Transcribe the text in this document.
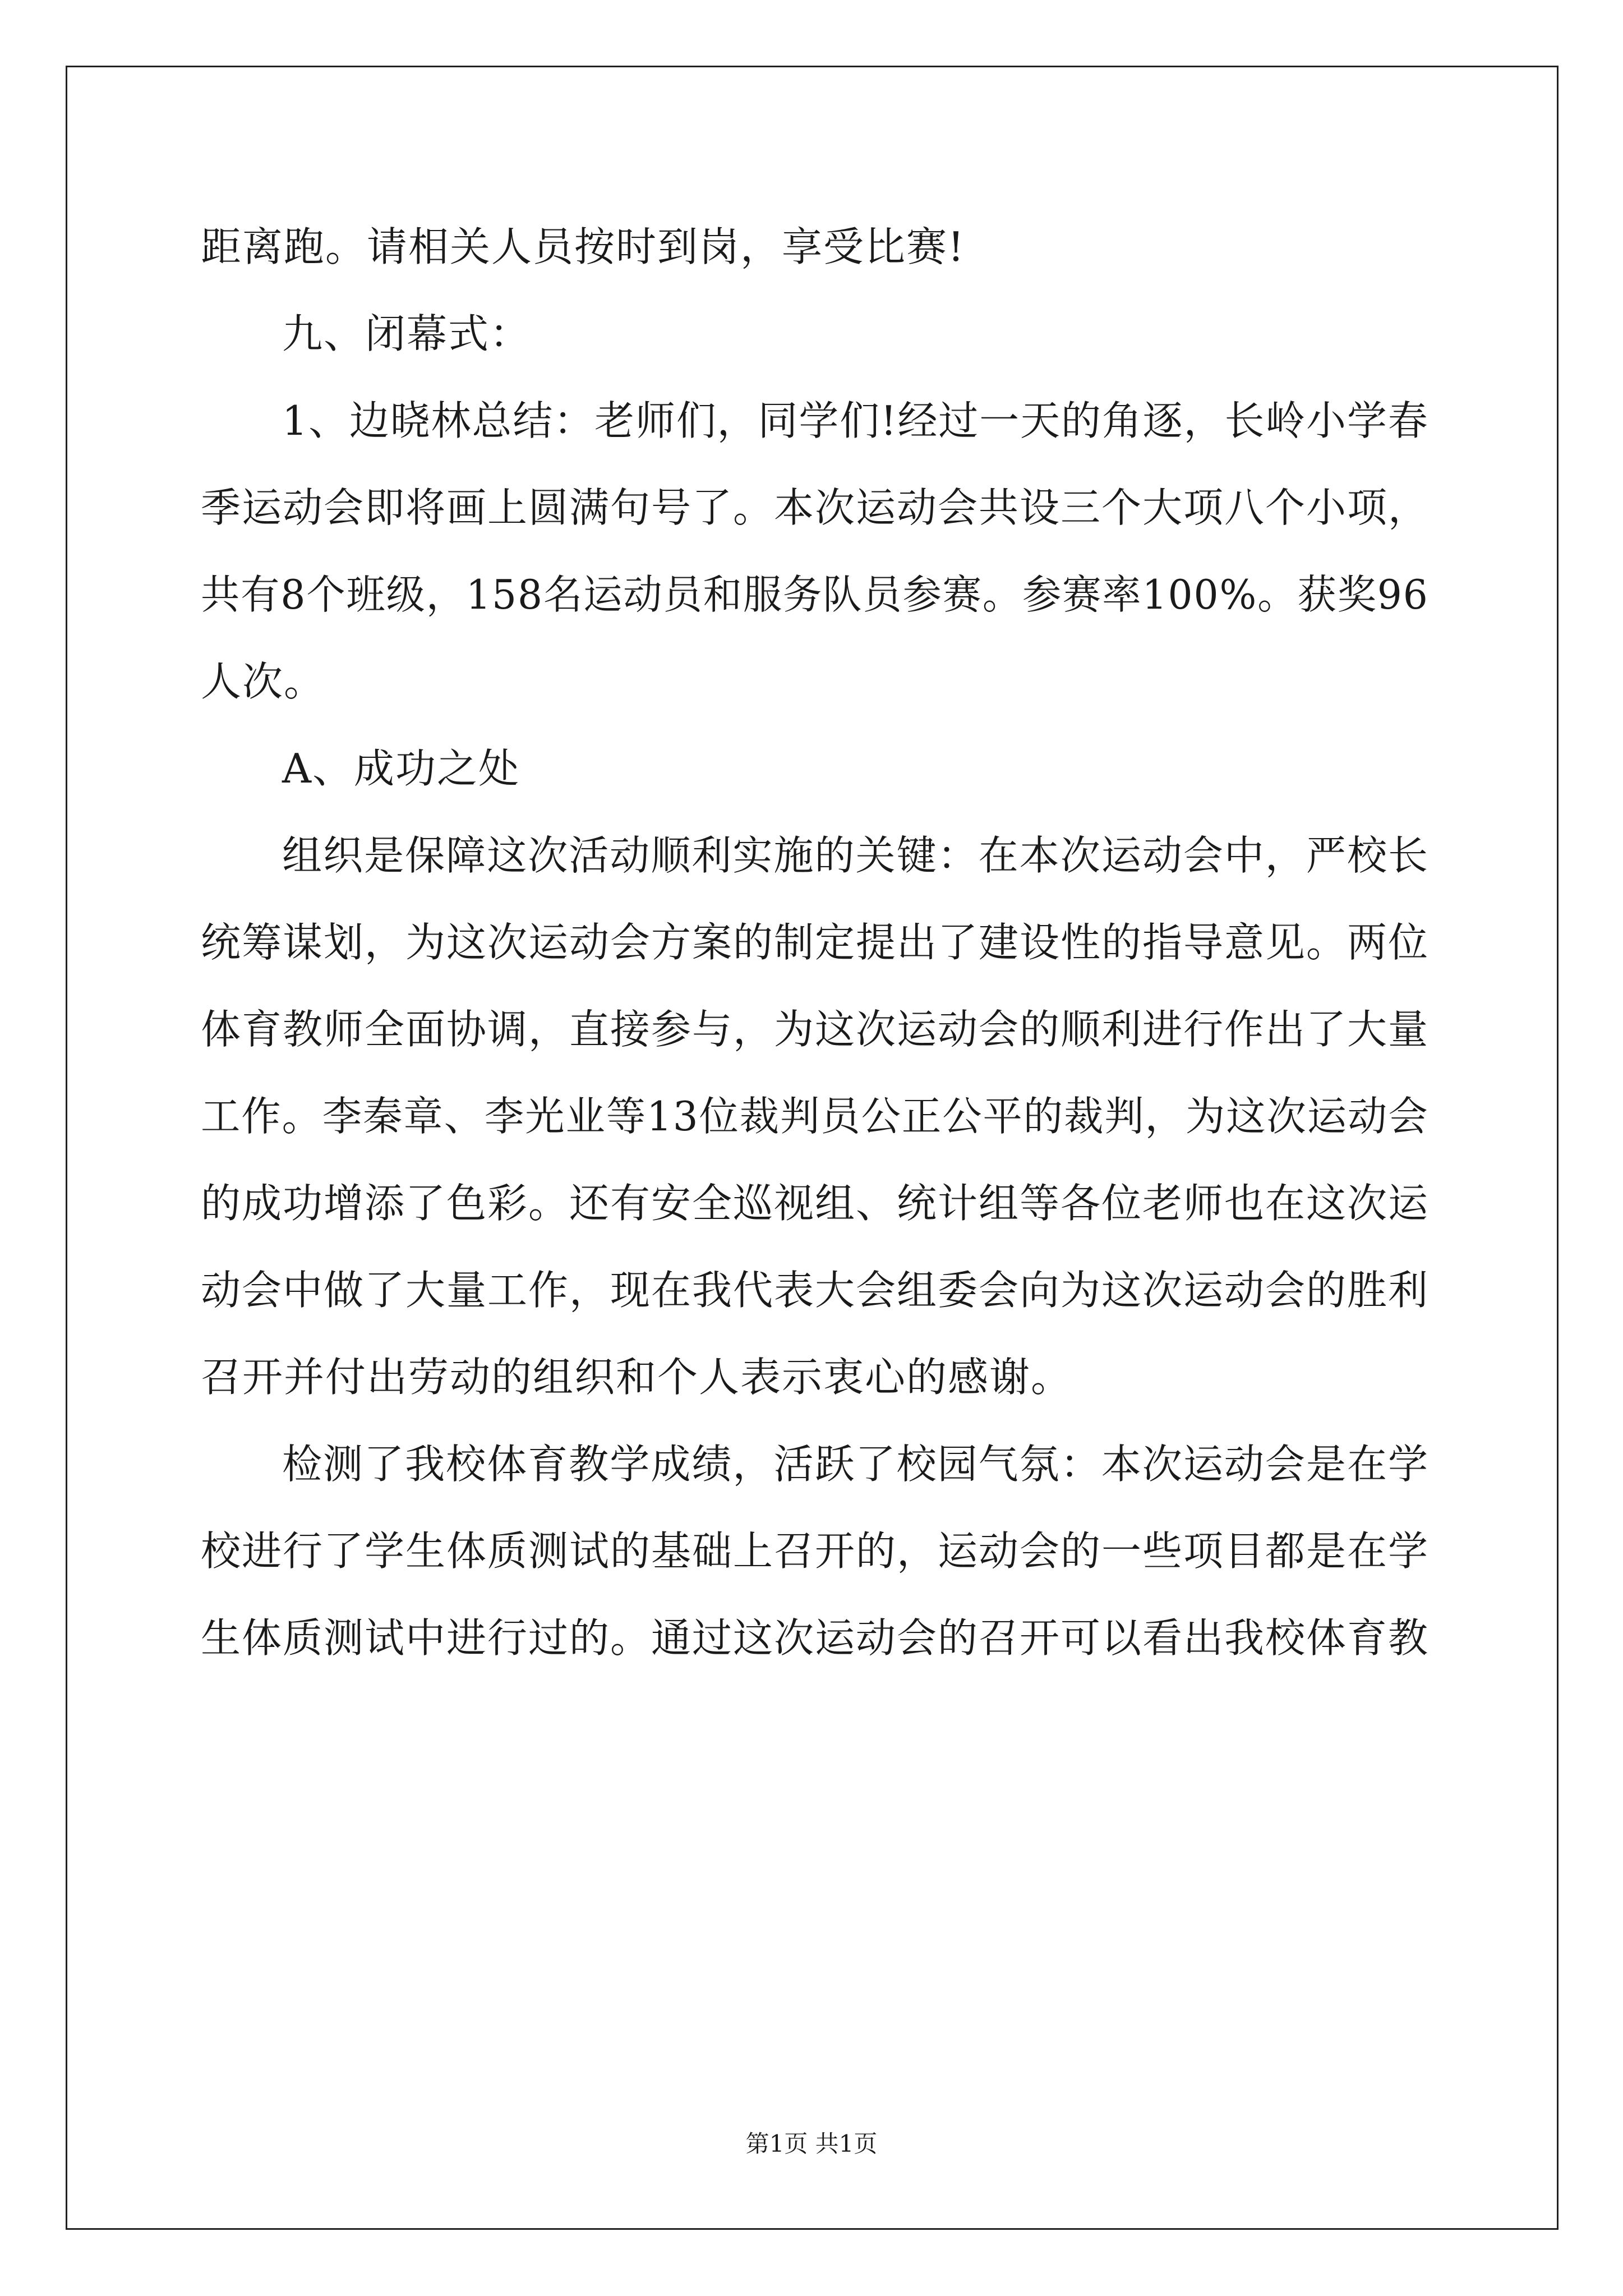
距离跑。请相关人员按时到岗，享受比赛!
九、闭幕式：
1、边晓林总结：老师们，同学们!经过一天的角逐，长岭小学春
季运动会即将画上圆满句号了。本次运动会共设三个大项八个小项，
共有8个班级，158名运动员和服务队员参赛。参赛率100%。获奖96
人次。
A、成功之处
组织是保障这次活动顺利实施的关键：在本次运动会中，严校长
统筹谋划，为这次运动会方案的制定提出了建设性的指导意见。两位
体育教师全面协调，直接参与，为这次运动会的顺利进行作出了大量
工作。李秦章、李光业等13位裁判员公正公平的裁判，为这次运动会
的成功增添了色彩。还有安全巡视组、统计组等各位老师也在这次运
动会中做了大量工作，现在我代表大会组委会向为这次运动会的胜利
召开并付出劳动的组织和个人表示衷心的感谢。
检测了我校体育教学成绩，活跃了校园气氛：本次运动会是在学
校进行了学生体质测试的基础上召开的，运动会的一些项目都是在学
生体质测试中进行过的。通过这次运动会的召开可以看出我校体育教
第1页 共1页
